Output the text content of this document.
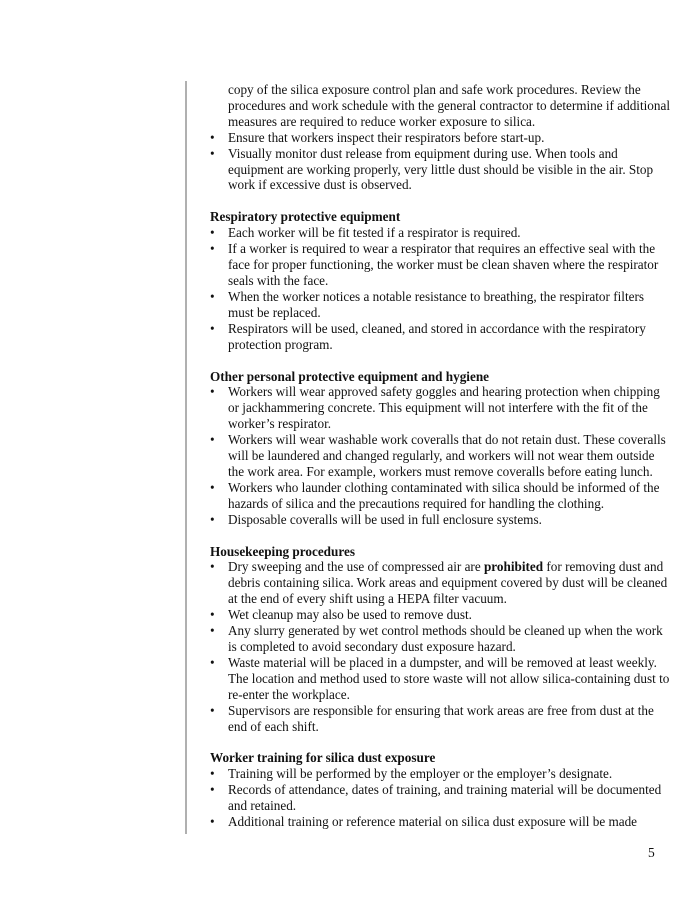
copy of the silica exposure control plan and safe work procedures. Review the procedures and work schedule with the general contractor to determine if additional measures are required to reduce worker exposure to silica.

•	Ensure that workers inspect their respirators before start-up.
•	Visually monitor dust release from equipment during use. When tools and equipment are working properly, very little dust should be visible in the air. Stop work if excessive dust is observed.
Respiratory protective equipment
•	Each worker will be fit tested if a respirator is required.
•	If a worker is required to wear a respirator that requires an effective seal with the face for proper functioning, the worker must be clean shaven where the respirator seals with the face.
•	When the worker notices a notable resistance to breathing, the respirator filters must be replaced.
•	Respirators will be used, cleaned, and stored in accordance with the respiratory protection program.
Other personal protective equipment and hygiene
•	Workers will wear approved safety goggles and hearing protection when chipping or jackhammering concrete. This equipment will not interfere with the fit of the worker’s respirator.
•	Workers will wear washable work coveralls that do not retain dust. These coveralls will be laundered and changed regularly, and workers will not wear them outside the work area. For example, workers must remove coveralls before eating lunch.
•	Workers who launder clothing contaminated with silica should be informed of the hazards of silica and the precautions required for handling the clothing.
•	Disposable coveralls will be used in full enclosure systems.
Housekeeping procedures
•	Dry sweeping and the use of compressed air are prohibited for removing dust and debris containing silica. Work areas and equipment covered by dust will be cleaned at the end of every shift using a HEPA filter vacuum.
•	Wet cleanup may also be used to remove dust.
•	Any slurry generated by wet control methods should be cleaned up when the work is completed to avoid secondary dust exposure hazard.
•	Waste material will be placed in a dumpster, and will be removed at least weekly. The location and method used to store waste will not allow silica-containing dust to re-enter the workplace.
•	Supervisors are responsible for ensuring that work areas are free from dust at the end of each shift.
Worker training for silica dust exposure
•	Training will be performed by the employer or the employer’s designate.
•	Records of attendance, dates of training, and training material will be documented and retained.
•	Additional training or reference material on silica dust exposure will be made
5
